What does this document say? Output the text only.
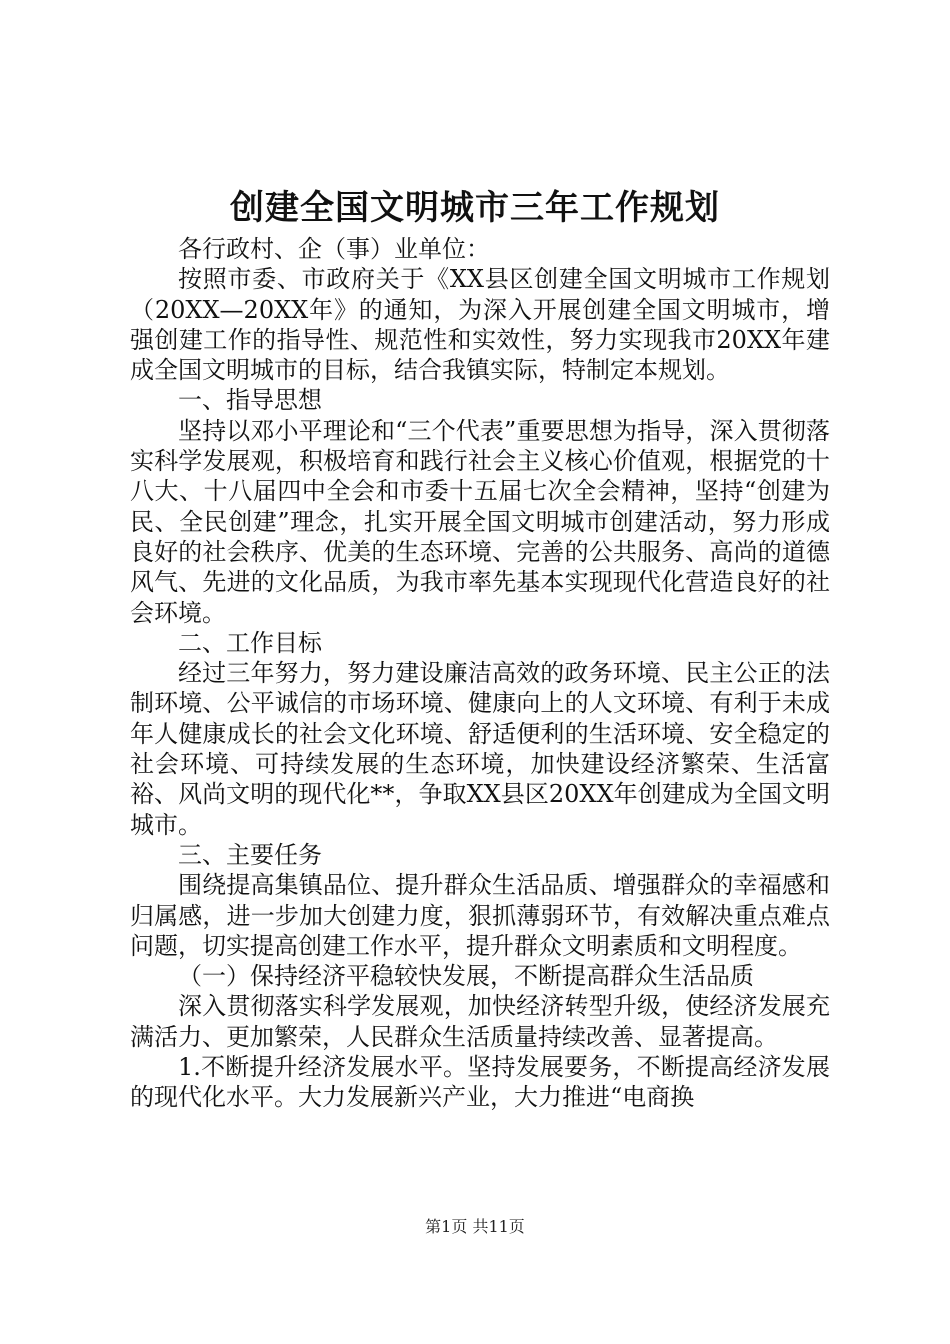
创建全国文明城市三年工作规划

各行政村、企（事）业单位：

按照市委、市政府关于《XX县区创建全国文明城市工作规划（20XX—20XX年》的通知，为深入开展创建全国文明城市，增强创建工作的指导性、规范性和实效性，努力实现我市20XX年建成全国文明城市的目标，结合我镇实际，特制定本规划。

一、指导思想

坚持以邓小平理论和“三个代表”重要思想为指导，深入贯彻落实科学发展观，积极培育和践行社会主义核心价值观，根据党的十八大、十八届四中全会和市委十五届七次全会精神，坚持“创建为民、全民创建”理念，扎实开展全国文明城市创建活动，努力形成良好的社会秩序、优美的生态环境、完善的公共服务、高尚的道德风气、先进的文化品质，为我市率先基本实现现代化营造良好的社会环境。

二、工作目标

经过三年努力，努力建设廉洁高效的政务环境、民主公正的法制环境、公平诚信的市场环境、健康向上的人文环境、有利于未成年人健康成长的社会文化环境、舒适便利的生活环境、安全稳定的社会环境、可持续发展的生态环境，加快建设经济繁荣、生活富裕、风尚文明的现代化**，争取XX县区20XX年创建成为全国文明城市。

三、主要任务

围绕提高集镇品位、提升群众生活品质、增强群众的幸福感和归属感，进一步加大创建力度，狠抓薄弱环节，有效解决重点难点问题，切实提高创建工作水平，提升群众文明素质和文明程度。

（一）保持经济平稳较快发展，不断提高群众生活品质

深入贯彻落实科学发展观，加快经济转型升级，使经济发展充满活力、更加繁荣，人民群众生活质量持续改善、显著提高。

1.不断提升经济发展水平。坚持发展要务，不断提高经济发展的现代化水平。大力发展新兴产业，大力推进“电商换

第1页 共11页
